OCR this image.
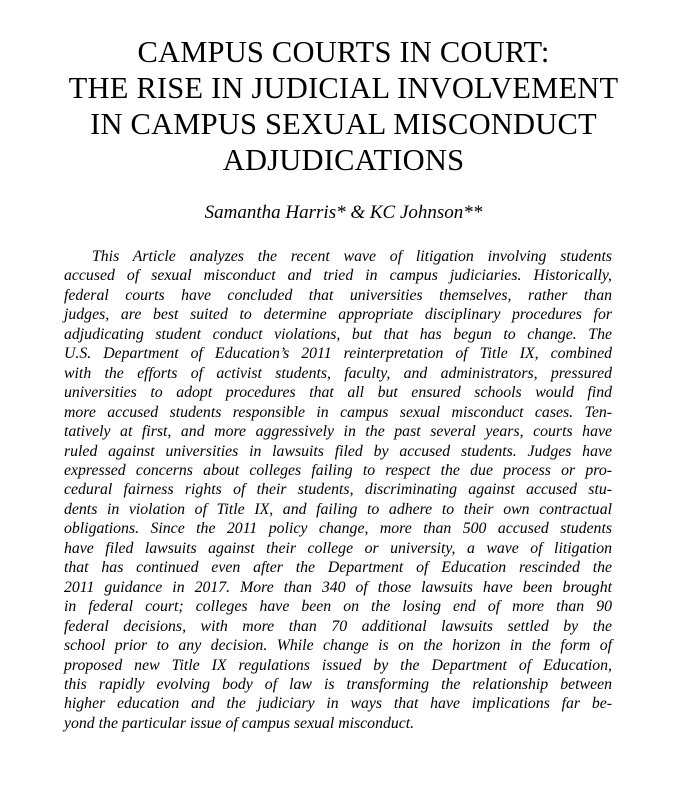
CAMPUS COURTS IN COURT:
THE RISE IN JUDICIAL INVOLVEMENT
IN CAMPUS SEXUAL MISCONDUCT
ADJUDICATIONS
Samantha Harris* & KC Johnson**
This Article analyzes the recent wave of litigation involving students
accused of sexual misconduct and tried in campus judiciaries. Historically,
federal courts have concluded that universities themselves, rather than
judges, are best suited to determine appropriate disciplinary procedures for
adjudicating student conduct violations, but that has begun to change. The
U.S. Department of Education’s 2011 reinterpretation of Title IX, combined
with the efforts of activist students, faculty, and administrators, pressured
universities to adopt procedures that all but ensured schools would find
more accused students responsible in campus sexual misconduct cases. Ten-
tatively at first, and more aggressively in the past several years, courts have
ruled against universities in lawsuits filed by accused students. Judges have
expressed concerns about colleges failing to respect the due process or pro-
cedural fairness rights of their students, discriminating against accused stu-
dents in violation of Title IX, and failing to adhere to their own contractual
obligations. Since the 2011 policy change, more than 500 accused students
have filed lawsuits against their college or university, a wave of litigation
that has continued even after the Department of Education rescinded the
2011 guidance in 2017. More than 340 of those lawsuits have been brought
in federal court; colleges have been on the losing end of more than 90
federal decisions, with more than 70 additional lawsuits settled by the
school prior to any decision. While change is on the horizon in the form of
proposed new Title IX regulations issued by the Department of Education,
this rapidly evolving body of law is transforming the relationship between
higher education and the judiciary in ways that have implications far be-
yond the particular issue of campus sexual misconduct.
